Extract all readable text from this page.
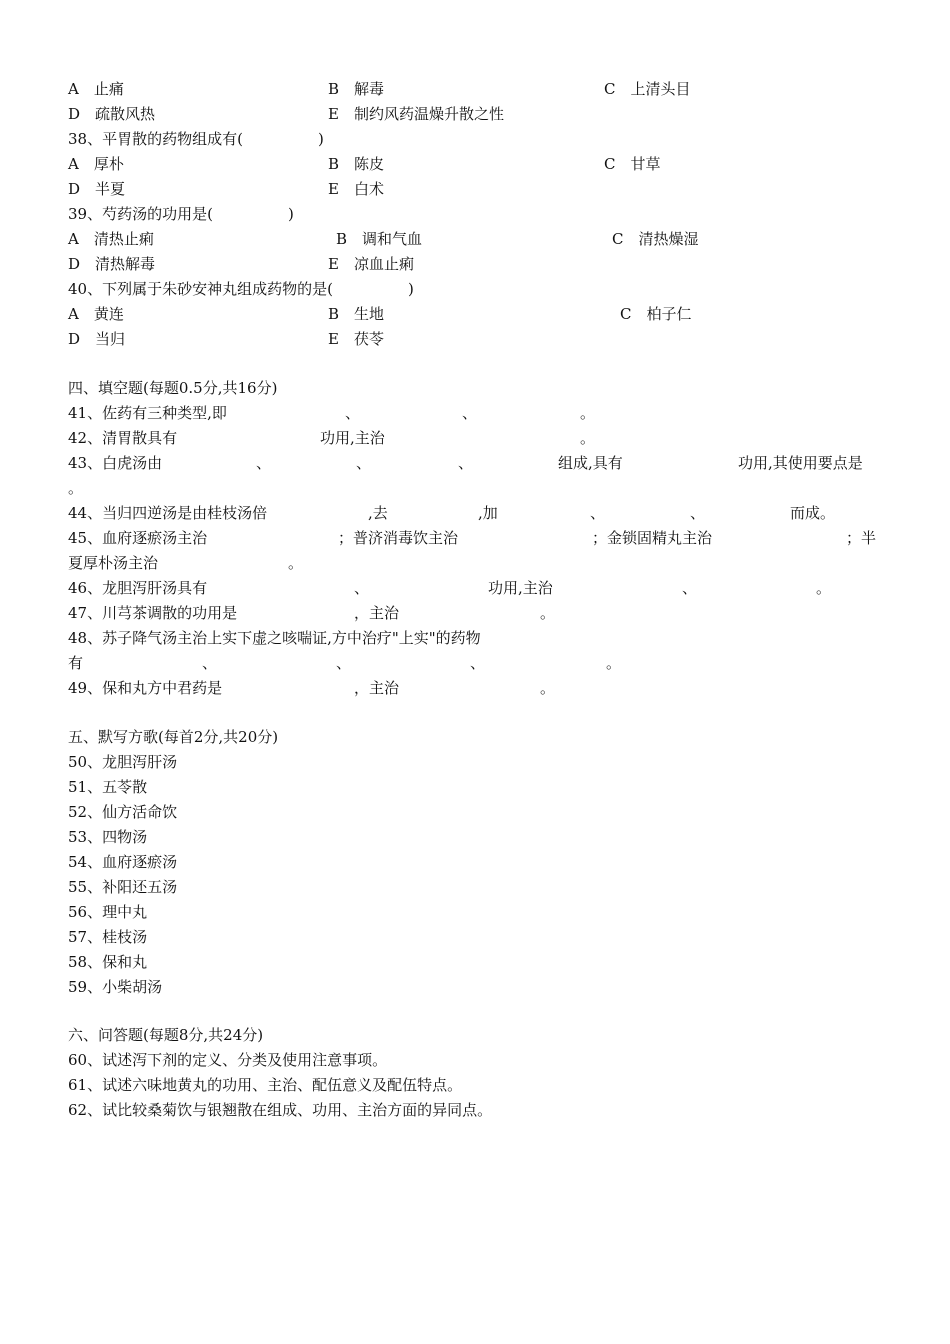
A　止痛	B　解毒	C　上清头目
D　疏散风热	E　制约风药温燥升散之性
38、平胃散的药物组成有(　　　　　)
A　厚朴	B　陈皮	C　甘草
D　半夏	E　白术
39、芍药汤的功用是(　　　　　)
A　清热止痢	B　调和气血	C　清热燥湿
D　清热解毒	E　凉血止痢
40、下列属于朱砂安神丸组成药物的是(　　　　　)
A　黄连	B　生地	C　柏子仁
D　当归	E　茯苓
四、填空题(每题0.5分,共16分)
41、佐药有三种类型,即	、	、	。
42、清胃散具有	功用,主治	。
43、白虎汤由	、	、	、	组成,具有	功用,其使用要点是
。
44、当归四逆汤是由桂枝汤倍	,去	,加	、	、	而成。
45、血府逐瘀汤主治	；普济消毒饮主治	；金锁固精丸主治	；半
夏厚朴汤主治	。
46、龙胆泻肝汤具有	、	功用,主治	、	。
47、川芎茶调散的功用是	，主治	。
48、苏子降气汤主治上实下虚之咳喘证,方中治疗"上实"的药物
有	、	、	、	。
49、保和丸方中君药是	，主治	。
五、默写方歌(每首2分,共20分)
50、龙胆泻肝汤
51、五苓散
52、仙方活命饮
53、四物汤
54、血府逐瘀汤
55、补阳还五汤
56、理中丸
57、桂枝汤
58、保和丸
59、小柴胡汤
六、问答题(每题8分,共24分)
60、试述泻下剂的定义、分类及使用注意事项。
61、试述六味地黄丸的功用、主治、配伍意义及配伍特点。
62、试比较桑菊饮与银翘散在组成、功用、主治方面的异同点。
